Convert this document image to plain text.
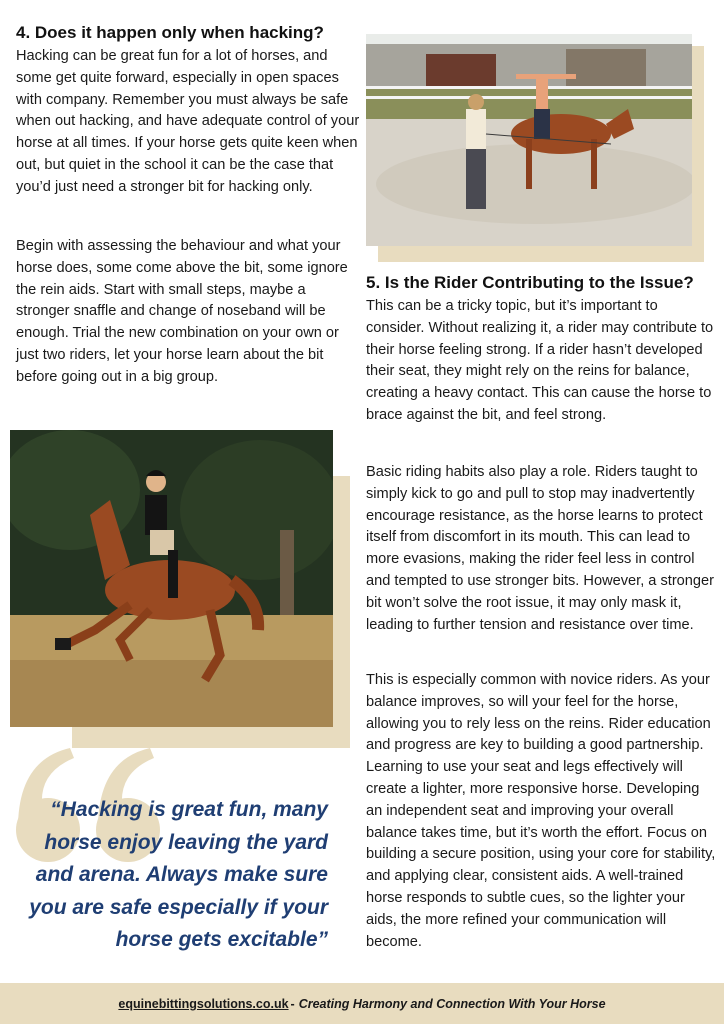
4. Does it happen only when hacking?

Hacking can be great fun for a lot of horses, and some get quite forward, especially in open spaces with company. Remember you must always be safe when out hacking, and have adequate control of your horse at all times. If your horse gets quite keen when out, but quiet in the school it can be the case that you’d just need a stronger bit for hacking only.

Begin with assessing the behaviour and what your horse does, some come above the bit, some ignore the rein aids. Start with small steps, maybe a stronger snaffle and change of noseband will be enough. Trial the new combination on your own or just two riders, let your horse learn about the bit before going out in a big group.

5. Is the Rider Contributing to the Issue?

This can be a tricky topic, but it’s important to consider. Without realizing it, a rider may contribute to their horse feeling strong. If a rider hasn’t developed their seat, they might rely on the reins for balance, creating a heavy contact. This can cause the horse to brace against the bit, and feel strong.

Basic riding habits also play a role. Riders taught to simply kick to go and pull to stop may inadvertently encourage resistance, as the horse learns to protect itself from discomfort in its mouth. This can lead to more evasions, making the rider feel less in control and tempted to use stronger bits. However, a stronger bit won’t solve the root issue, it may only mask it, leading to further tension and resistance over time.

This is especially common with novice riders. As your balance improves, so will your feel for the horse, allowing you to rely less on the reins. Rider education and progress are key to building a good partnership. Learning to use your seat and legs effectively will create a lighter, more responsive horse. Developing an independent seat and improving your overall balance takes time, but it’s worth the effort. Focus on building a secure position, using your core for stability, and applying clear, consistent aids. A well-trained horse responds to subtle cues, so the lighter your aids, the more refined your communication will become.

“Hacking is great fun, many horse enjoy leaving the yard and arena. Always make sure you are safe especially if your horse gets excitable”
equinebittingsolutions.co.uk - Creating Harmony and Connection With Your Horse
